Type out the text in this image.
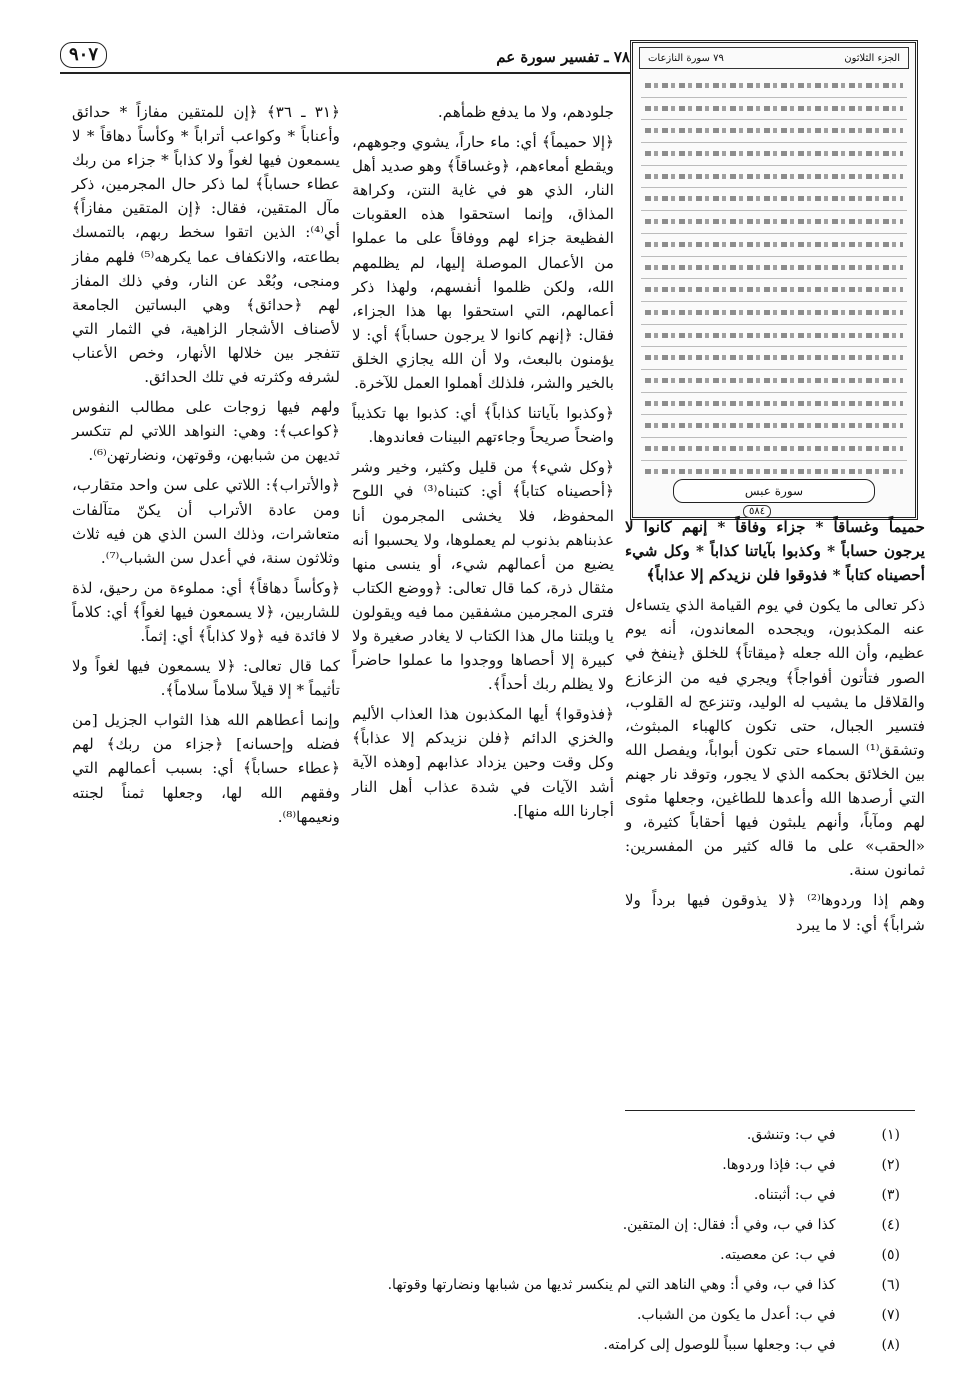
٧٨ ـ تفسير سورة عم
٩٠٧	الجزء الثلاثون
٧٩ سورة النازعات
سورة عبس
٥٨٤

حميماً وغساقاً * جزاء وفاقاً * إنهم كانوا لا يرجون حساباً * وكذبوا بآياتنا كذاباً * وكل شيء أحصيناه كتاباً * فذوقوا فلن نزيدكم إلا عذاباً﴾

ذكر تعالى ما يكون في يوم القيامة الذي يتساءل عنه المكذبون، ويجحده المعاندون، أنه يوم عظيم، وأن الله جعله ﴿ميقاتاً﴾ للخلق ﴿ينفخ في الصور فتأتون أفواجاً﴾ ويجري فيه من الزعازع والقلاقل ما يشيب له الوليد، وتنزعج له القلوب، فتسير الجبال، حتى تكون كالهباء المبثوث، وتشقق⁽¹⁾ السماء حتى تكون أبواباً، ويفصل الله بين الخلائق بحكمه الذي لا يجور، وتوقد نار جهنم التي أرصدها الله وأعدها للطاغين، وجعلها مثوى لهم ومآباً، وأنهم يلبثون فيها أحقاباً كثيرة، و «الحقب» على ما قاله كثير من المفسرين: ثمانون سنة.

وهم إذا وردوها⁽²⁾ ﴿لا يذوقون فيها برداً ولا شراباً﴾ أي: لا ما يبرد

جلودهم، ولا ما يدفع ظمأهم.

﴿إلا حميماً﴾ أي: ماء حاراً، يشوي وجوههم، ويقطع أمعاءهم، ﴿وغساقاً﴾ وهو صديد أهل النار، الذي هو في غاية النتن، وكراهة المذاق، وإنما استحقوا هذه العقوبات الفظيعة جزاء لهم ووفاقاً على ما عملوا من الأعمال الموصلة إليها، لم يظلمهم الله، ولكن ظلموا أنفسهم، ولهذا ذكر أعمالهم، التي استحقوا بها هذا الجزاء، فقال: ﴿إنهم كانوا لا يرجون حساباً﴾ أي: لا يؤمنون بالبعث، ولا أن الله يجازي الخلق بالخير والشر، فلذلك أهملوا العمل للآخرة.

﴿وكذبوا بآياتنا كذاباً﴾ أي: كذبوا بها تكذيباً واضحاً صريحاً وجاءتهم البينات فعاندوها.

﴿وكل شيء﴾ من قليل وكثير، وخير وشر ﴿أحصيناه كتاباً﴾ أي: كتبناه⁽³⁾ في اللوح المحفوظ، فلا يخشى المجرمون أنا عذبناهم بذنوب لم يعملوها، ولا يحسبوا أنه يضيع من أعمالهم شيء، أو ينسى منها مثقال ذرة، كما قال تعالى: ﴿ووضع الكتاب فترى المجرمين مشفقين مما فيه ويقولون يا ويلتنا مال هذا الكتاب لا يغادر صغيرة ولا كبيرة إلا أحصاها ووجدوا ما عملوا حاضراً ولا يظلم ربك أحداً﴾.

﴿فذوقوا﴾ أيها المكذبون هذا العذاب الأليم والخزي الدائم ﴿فلن نزيدكم إلا عذاباً﴾ وكل وقت وحين يزداد عذابهم [وهذه الآية أشد الآيات في شدة عذاب أهل النار أجارنا الله منها].

﴿٣١ ـ ٣٦﴾ ﴿إن للمتقين مفازاً * حدائق وأعناباً * وكواعب أتراباً * وكأساً دهاقاً * لا يسمعون فيها لغواً ولا كذاباً * جزاء من ربك عطاء حساباً﴾ لما ذكر حال المجرمين، ذكر مآل المتقين، فقال: ﴿إن المتقين مفازاً﴾ أي⁽⁴⁾: الذين اتقوا سخط ربهم، بالتمسك بطاعته، والانكفاف عما يكرهه⁽⁵⁾ فلهم مفاز ومنجى، وبُعْد عن النار، وفي ذلك المفاز لهم ﴿حدائق﴾ وهي البساتين الجامعة لأصناف الأشجار الزاهية، في الثمار التي تتفجر بين خلالها الأنهار، وخص الأعناب لشرفه وكثرته في تلك الحدائق.

ولهم فيها زوجات على مطالب النفوس ﴿كواعب﴾: وهي: النواهد اللاتي لم تتكسر ثديهن من شبابهن، وقوتهن، ونضارتهن⁽⁶⁾.

﴿والأتراب﴾: اللاتي على سن واحد متقارب، ومن عادة الأتراب أن يكنّ متآلفات متعاشرات، وذلك السن الذي هن فيه ثلاث وثلاثون سنة، في أعدل سن الشباب⁽⁷⁾.

﴿وكأساً دهاقاً﴾ أي: مملوءة من رحيق، لذة للشاربين، ﴿لا يسمعون فيها لغواً﴾ أي: كلاماً لا فائدة فيه ﴿ولا كذاباً﴾ أي: إثماً.

كما قال تعالى: ﴿لا يسمعون فيها لغواً ولا تأثيماً * إلا قيلاً سلاماً سلاماً﴾.

وإنما أعطاهم الله هذا الثواب الجزيل [من فضله وإحسانه] ﴿جزاء من ربك﴾ لهم ﴿عطاء حساباً﴾ أي: بسبب أعمالهم التي وفقهم الله لها، وجعلها ثمناً لجنته ونعيمها⁽⁸⁾.

(١) في ب: وتنشق.
(٢) في ب: فإذا وردوها.
(٣) في ب: أثبتناه.
(٤) كذا في ب، وفي أ: فقال: إن المتقين.
(٥) في ب: عن معصيته.
(٦) كذا في ب، وفي أ: وهي الناهد التي لم ينكسر ثديها من شبابها ونضارتها وقوتها.
(٧) في ب: أعدل ما يكون من الشباب.
(٨) في ب: وجعلها سبباً للوصول إلى كرامته.
